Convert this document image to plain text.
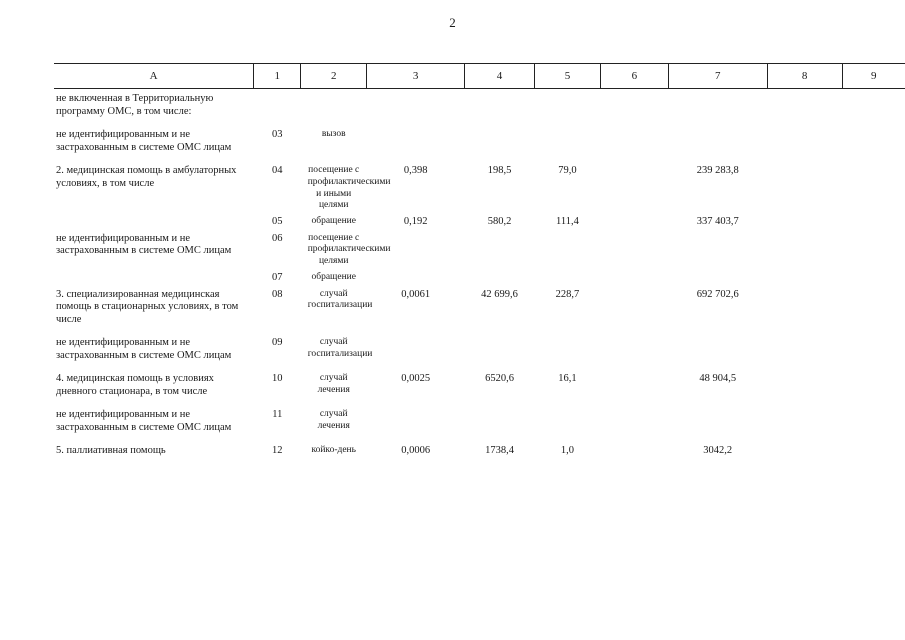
2
А	1	2	3	4	5	6	7	8	9
не включенная в Территориальную программу ОМС, в том числе:									
не идентифицированным и не застрахованным в системе ОМС лицам	03	вызов							
2. медицинская помощь в амбулаторных условиях, в том числе	04	посещение с профилактическими и иными целями	0,398	198,5	79,0		239 283,8		
	05	обращение	0,192	580,2	111,4		337 403,7		
не идентифицированным и не застрахованным в системе ОМС лицам	06	посещение с профилактическими целями							
	07	обращение							
3. специализированная медицинская помощь в стационарных условиях, в том числе	08	случай госпитализации	0,0061	42 699,6	228,7		692 702,6		
не идентифицированным и не застрахованным в системе ОМС лицам	09	случай госпитализации							
4. медицинская помощь в условиях дневного стационара, в том числе	10	случай лечения	0,0025	6520,6	16,1		48 904,5		
не идентифицированным и не застрахованным в системе ОМС лицам	11	случай лечения							
5. паллиативная помощь	12	койко-день	0,0006	1738,4	1,0		3042,2		
